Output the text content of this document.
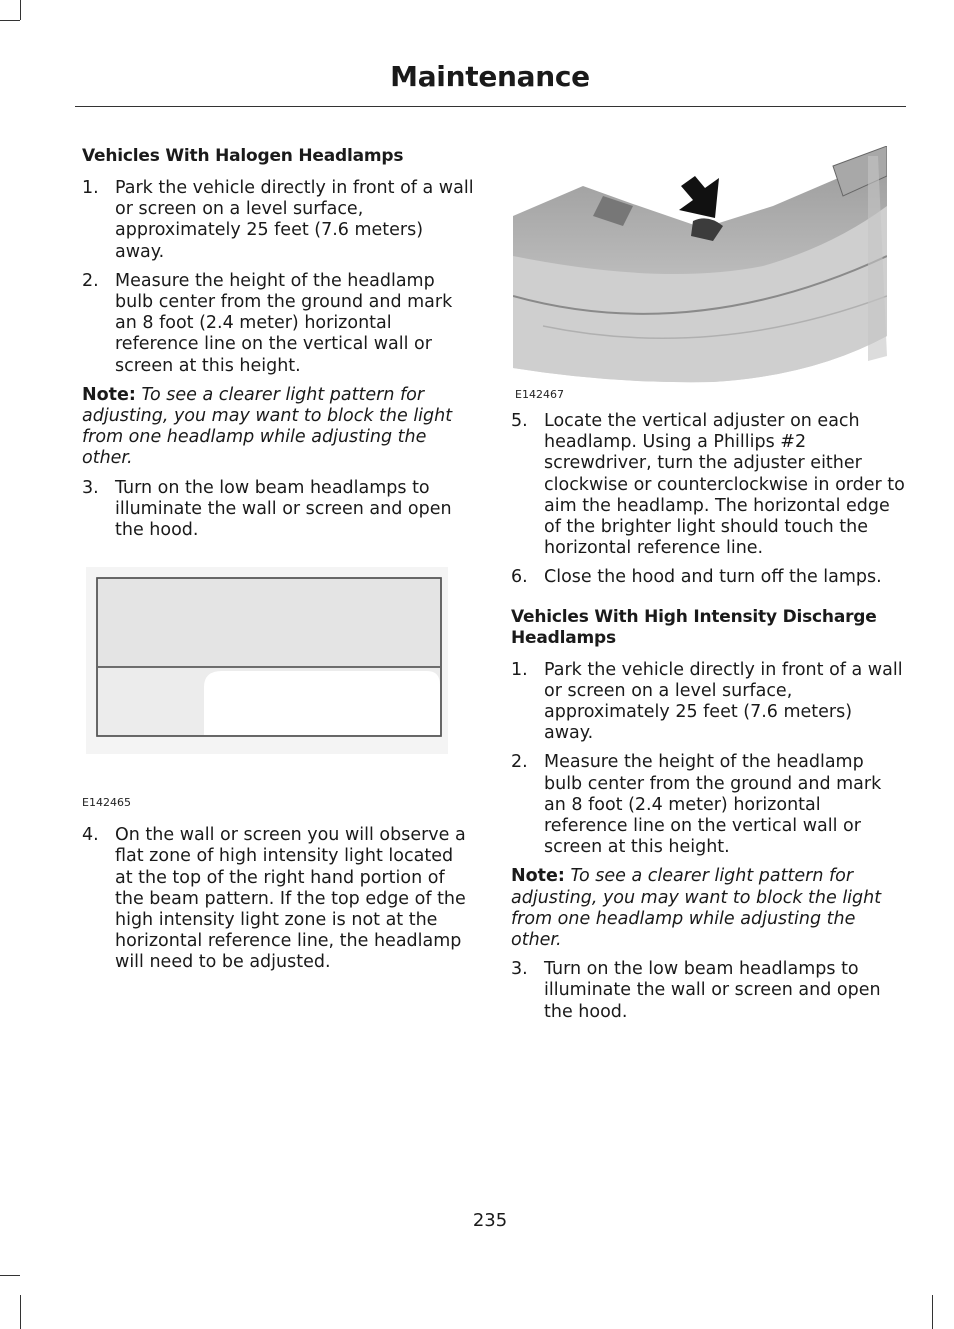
Maintenance
Vehicles With Halogen Headlamps
1. Park the vehicle directly in front of a wall or screen on a level surface, approximately 25 feet (7.6 meters) away.
2. Measure the height of the headlamp bulb center from the ground and mark an 8 foot (2.4 meter) horizontal reference line on the vertical wall or screen at this height.

Note: To see a clearer light pattern for adjusting, you may want to block the light from one headlamp while adjusting the other.

3. Turn on the low beam headlamps to illuminate the wall or screen and open the hood.
E142465
4. On the wall or screen you will observe a flat zone of high intensity light located at the top of the right hand portion of the beam pattern. If the top edge of the high intensity light zone is not at the horizontal reference line, the headlamp will need to be adjusted.
E142467
5. Locate the vertical adjuster on each headlamp. Using a Phillips #2 screwdriver, turn the adjuster either clockwise or counterclockwise in order to aim the headlamp. The horizontal edge of the brighter light should touch the horizontal reference line.
6. Close the hood and turn off the lamps.
Vehicles With High Intensity Discharge Headlamps
1. Park the vehicle directly in front of a wall or screen on a level surface, approximately 25 feet (7.6 meters) away.
2. Measure the height of the headlamp bulb center from the ground and mark an 8 foot (2.4 meter) horizontal reference line on the vertical wall or screen at this height.

Note: To see a clearer light pattern for adjusting, you may want to block the light from one headlamp while adjusting the other.

3. Turn on the low beam headlamps to illuminate the wall or screen and open the hood.
235
